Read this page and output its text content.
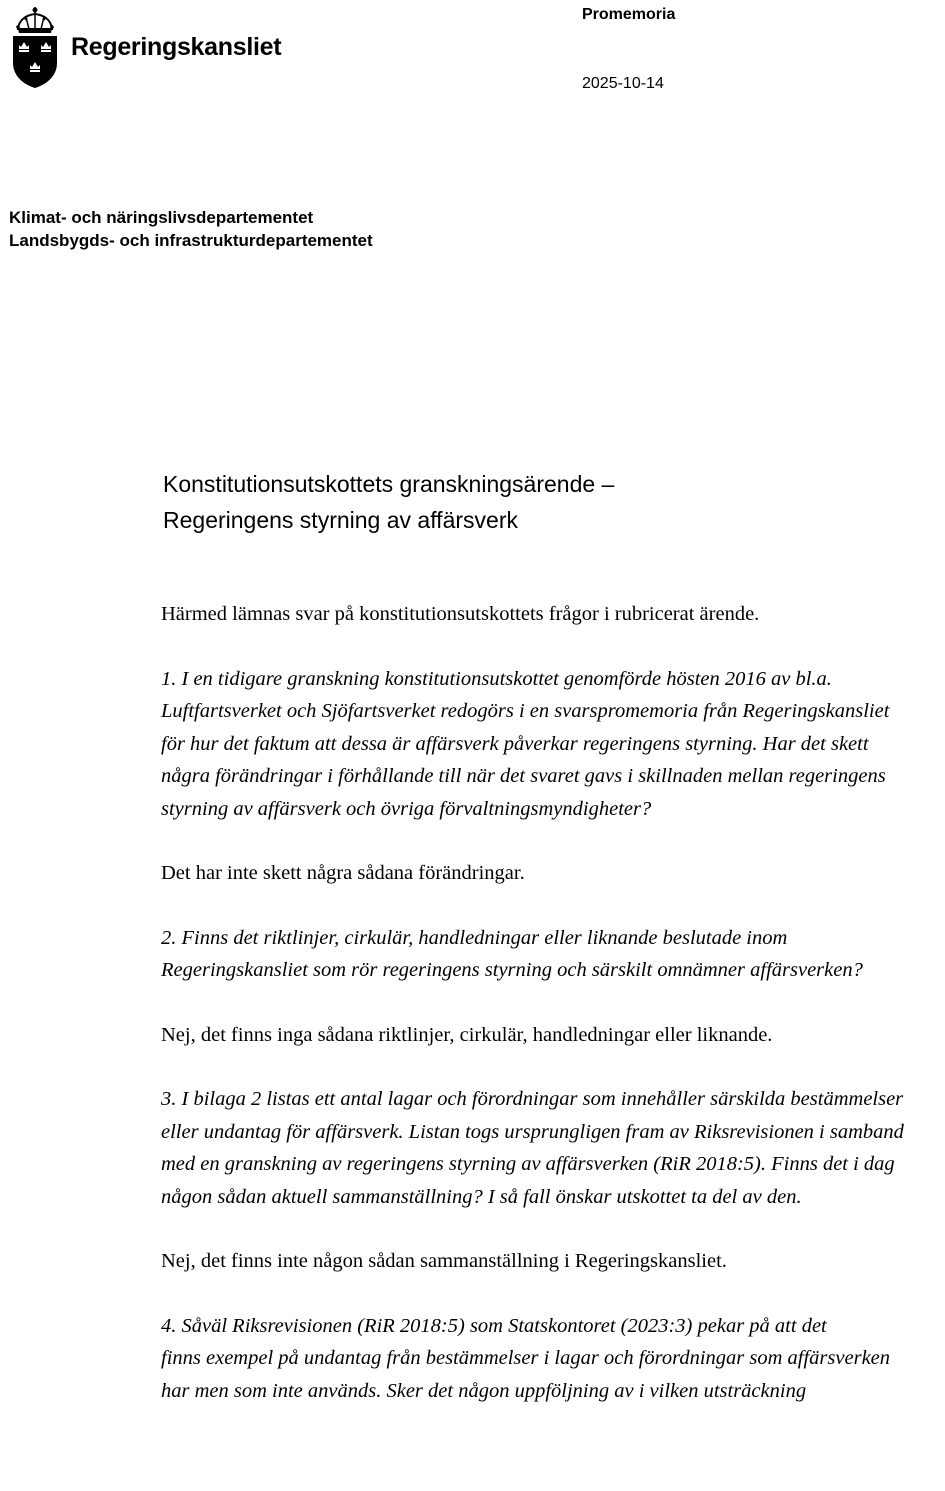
Regeringskansliet
Promemoria
2025-10-14
Klimat- och näringslivsdepartementet
Landsbygds- och infrastrukturdepartementet
Konstitutionsutskottets granskningsärende –
Regeringens styrning av affärsverk

Härmed lämnas svar på konstitutionsutskottets frågor i rubricerat ärende.

1. I en tidigare granskning konstitutionsutskottet genomförde hösten 2016 av bl.a.
Luftfartsverket och Sjöfartsverket redogörs i en svarspromemoria från Regeringskansliet
för hur det faktum att dessa är affärsverk påverkar regeringens styrning. Har det skett
några förändringar i förhållande till när det svaret gavs i skillnaden mellan regeringens
styrning av affärsverk och övriga förvaltningsmyndigheter?

Det har inte skett några sådana förändringar.

2. Finns det riktlinjer, cirkulär, handledningar eller liknande beslutade inom
Regeringskansliet som rör regeringens styrning och särskilt omnämner affärsverken?

Nej, det finns inga sådana riktlinjer, cirkulär, handledningar eller liknande.

3. I bilaga 2 listas ett antal lagar och förordningar som innehåller särskilda bestämmelser
eller undantag för affärsverk. Listan togs ursprungligen fram av Riksrevisionen i samband
med en granskning av regeringens styrning av affärsverken (RiR 2018:5). Finns det i dag
någon sådan aktuell sammanställning? I så fall önskar utskottet ta del av den.

Nej, det finns inte någon sådan sammanställning i Regeringskansliet.

4. Såväl Riksrevisionen (RiR 2018:5) som Statskontoret (2023:3) pekar på att det
finns exempel på undantag från bestämmelser i lagar och förordningar som affärsverken
har men som inte används. Sker det någon uppföljning av i vilken utsträckning
